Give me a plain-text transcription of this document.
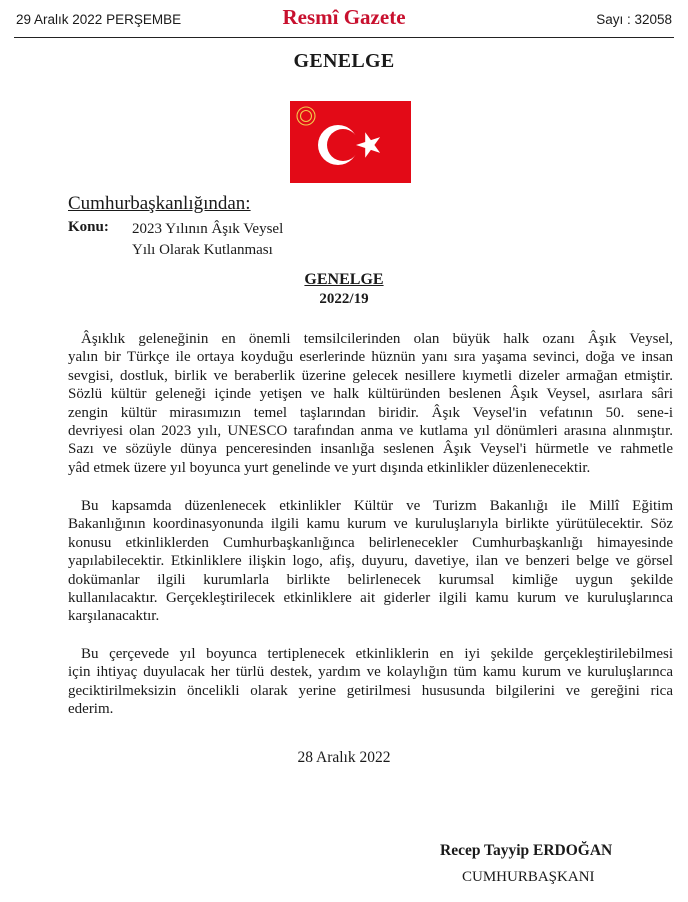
29 Aralık 2022 PERŞEMBE	Resmî Gazete	Sayı : 32058
GENELGE
Cumhurbaşkanlığından:
Konu: 2023 Yılının Âşık Veysel
Yılı Olarak Kutlanması
GENELGE
2022/19
Âşıklık geleneğinin en önemli temsilcilerinden olan büyük halk ozanı Âşık Veysel,
yalın bir Türkçe ile ortaya koyduğu eserlerinde hüznün yanı sıra yaşama sevinci, doğa ve insan
sevgisi, dostluk, birlik ve beraberlik üzerine gelecek nesillere kıymetli dizeler armağan etmiştir.
Sözlü kültür geleneği içinde yetişen ve halk kültüründen beslenen Âşık Veysel, asırlara sâri
zengin kültür mirasımızın temel taşlarından biridir. Âşık Veysel'in vefatının 50. sene-i
devriyesi olan 2023 yılı, UNESCO tarafından anma ve kutlama yıl dönümleri arasına alınmıştır.
Sazı ve sözüyle dünya penceresinden insanlığa seslenen Âşık Veysel'i hürmetle ve rahmetle
yâd etmek üzere yıl boyunca yurt genelinde ve yurt dışında etkinlikler düzenlenecektir.
Bu kapsamda düzenlenecek etkinlikler Kültür ve Turizm Bakanlığı ile Millî Eğitim
Bakanlığının koordinasyonunda ilgili kamu kurum ve kuruluşlarıyla birlikte yürütülecektir. Söz
konusu etkinliklerden Cumhurbaşkanlığınca belirlenecekler Cumhurbaşkanlığı himayesinde
yapılabilecektir. Etkinliklere ilişkin logo, afiş, duyuru, davetiye, ilan ve benzeri belge ve görsel
dokümanlar ilgili kurumlarla birlikte belirlenecek kurumsal kimliğe uygun şekilde
kullanılacaktır. Gerçekleştirilecek etkinliklere ait giderler ilgili kamu kurum ve kuruluşlarınca
karşılanacaktır.
Bu çerçevede yıl boyunca tertiplenecek etkinliklerin en iyi şekilde gerçekleştirilebilmesi
için ihtiyaç duyulacak her türlü destek, yardım ve kolaylığın tüm kamu kurum ve kuruluşlarınca
geciktirilmeksizin öncelikli olarak yerine getirilmesi hususunda bilgilerini ve gereğini rica
ederim.
28 Aralık 2022
Recep Tayyip ERDOĞAN
CUMHURBAŞKANI
